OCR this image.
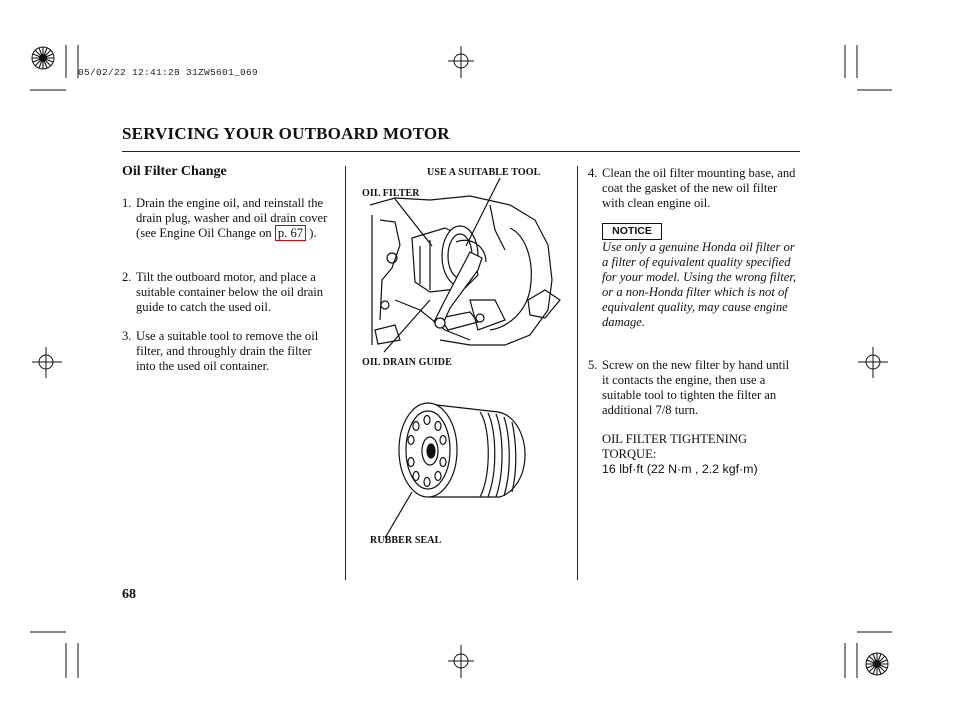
05/02/22 12:41:28 31ZW5601_069
SERVICING YOUR OUTBOARD MOTOR
Oil Filter Change
1. Drain the engine oil, and reinstall the drain plug, washer and oil drain cover (see Engine Oil Change on p. 67 ).
2. Tilt the outboard motor, and place a suitable container below the oil drain guide to catch the used oil.
3. Use a suitable tool to remove the oil filter, and throughly drain the filter into the used oil container.
USE A SUITABLE TOOL
OIL FILTER
OIL DRAIN GUIDE
RUBBER SEAL
4. Clean the oil filter mounting base, and coat the gasket of the new oil filter with clean engine oil.
NOTICE
Use only a genuine Honda oil filter or a filter of equivalent quality specified for your model. Using the wrong filter, or a non-Honda filter which is not of equivalent quality, may cause engine damage.
5. Screw on the new filter by hand until it contacts the engine, then use a suitable tool to tighten the filter an additional 7/8 turn.
OIL FILTER TIGHTENING TORQUE:
16 lbf·ft (22 N·m , 2.2 kgf·m)
68
